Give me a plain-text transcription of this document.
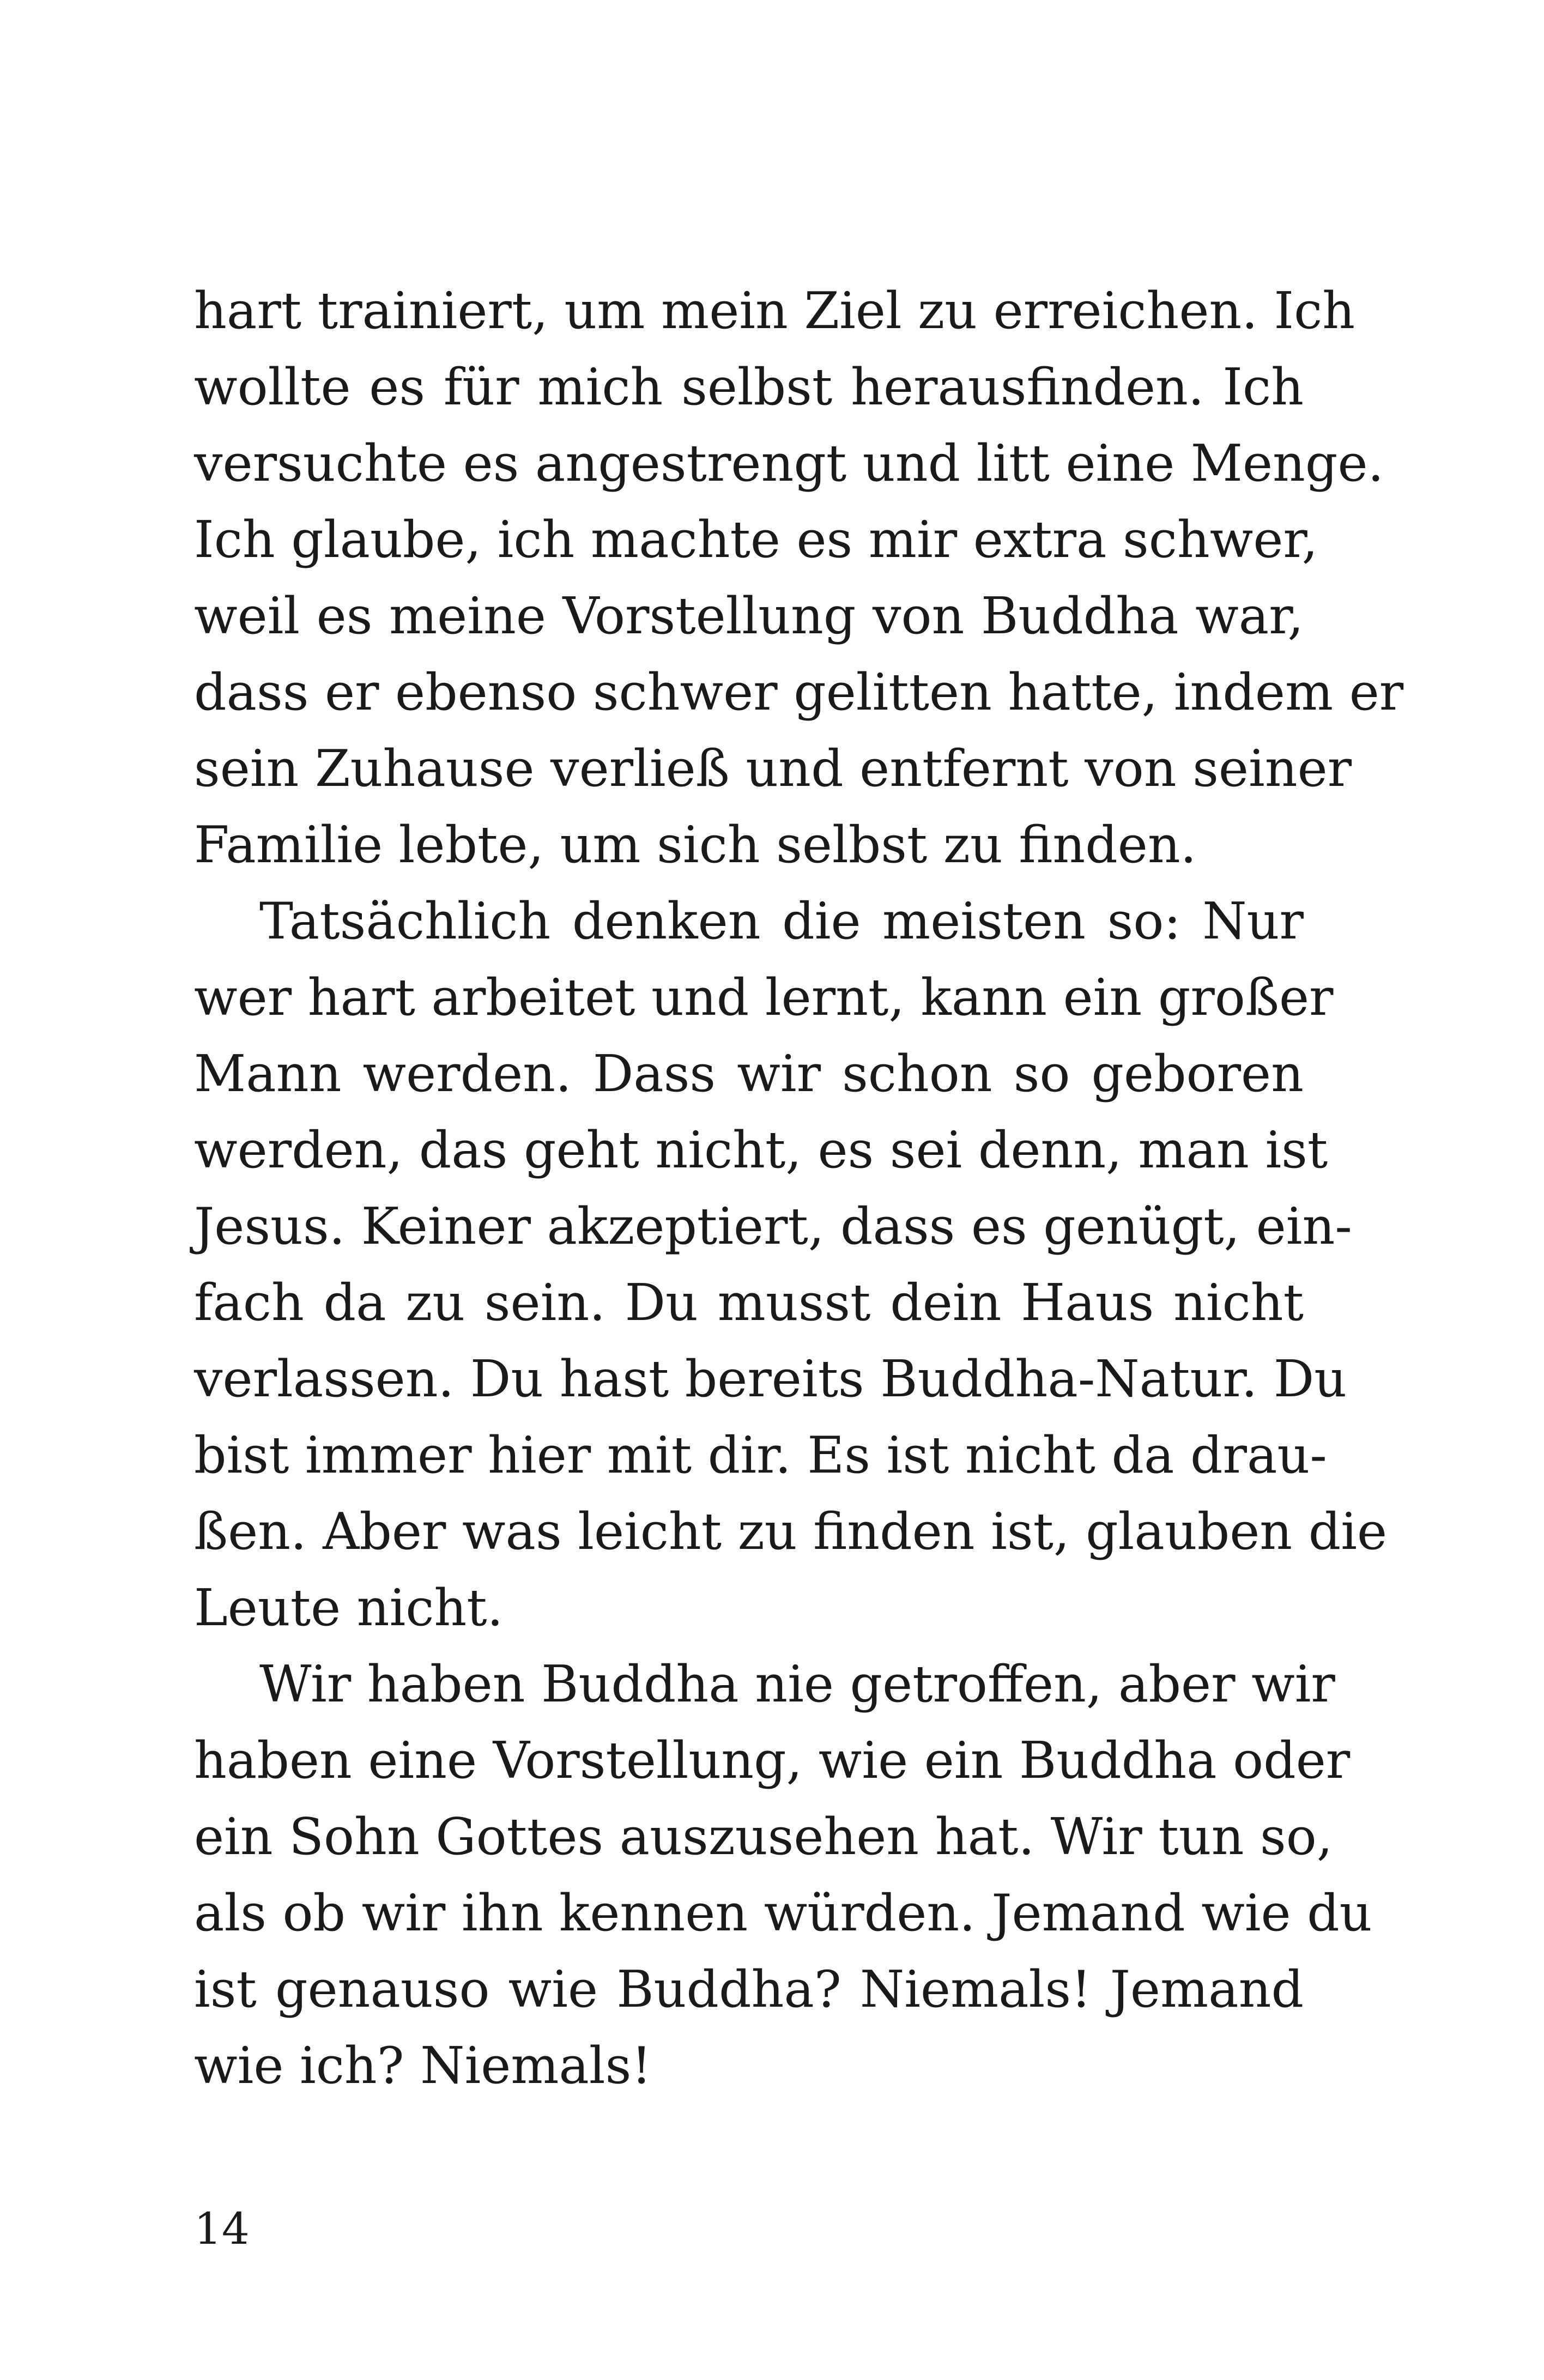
hart trainiert, um mein Ziel zu erreichen. Ich
wollte es für mich selbst herausfinden. Ich
versuchte es angestrengt und litt eine Menge.
Ich glaube, ich machte es mir extra schwer,
weil es meine Vorstellung von Buddha war,
dass er ebenso schwer gelitten hatte, indem er
sein Zuhause verließ und entfernt von seiner
Familie lebte, um sich selbst zu finden.
Tatsächlich denken die meisten so: Nur
wer hart arbeitet und lernt, kann ein großer
Mann werden. Dass wir schon so geboren
werden, das geht nicht, es sei denn, man ist
Jesus. Keiner akzeptiert, dass es genügt, ein-
fach da zu sein. Du musst dein Haus nicht
verlassen. Du hast bereits Buddha-Natur. Du
bist immer hier mit dir. Es ist nicht da drau-
ßen. Aber was leicht zu finden ist, glauben die
Leute nicht.
Wir haben Buddha nie getroffen, aber wir
haben eine Vorstellung, wie ein Buddha oder
ein Sohn Gottes auszusehen hat. Wir tun so,
als ob wir ihn kennen würden. Jemand wie du
ist genauso wie Buddha? Niemals! Jemand
wie ich? Niemals!
14
